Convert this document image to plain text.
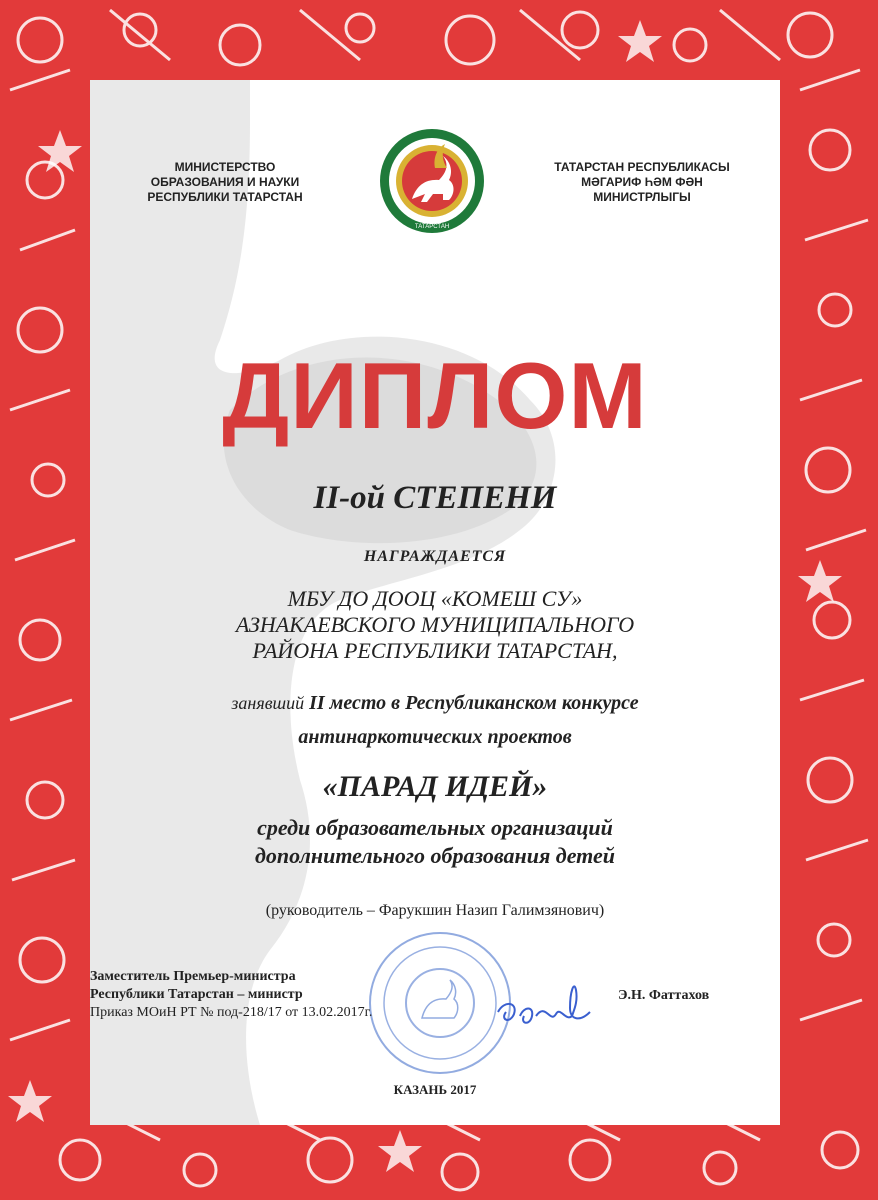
МИНИСТЕРСТВО
ОБРАЗОВАНИЯ И НАУКИ
РЕСПУБЛИКИ ТАТАРСТАН
ТАТАРСТАН
ТАТАРСТАН РЕСПУБЛИКАСЫ
МӘГАРИФ ҺӘМ ФӘН
МИНИСТРЛЫГЫ
ДИПЛОМ
II-ой СТЕПЕНИ
НАГРАЖДАЕТСЯ
МБУ ДО ДООЦ «КОМЕШ СУ»
АЗНАКАЕВСКОГО МУНИЦИПАЛЬНОГО
РАЙОНА РЕСПУБЛИКИ ТАТАРСТАН,
занявший II место в Республиканском конкурсе
антинаркотических проектов
«ПАРАД ИДЕЙ»
среди образовательных организаций
дополнительного образования детей
(руководитель – Фарукшин Назип Галимзянович)
Заместитель Премьер-министра
Республики Татарстан – министр
Приказ МОиН РТ № под-218/17 от 13.02.2017г.
Э.Н. Фаттахов
КАЗАНЬ 2017
